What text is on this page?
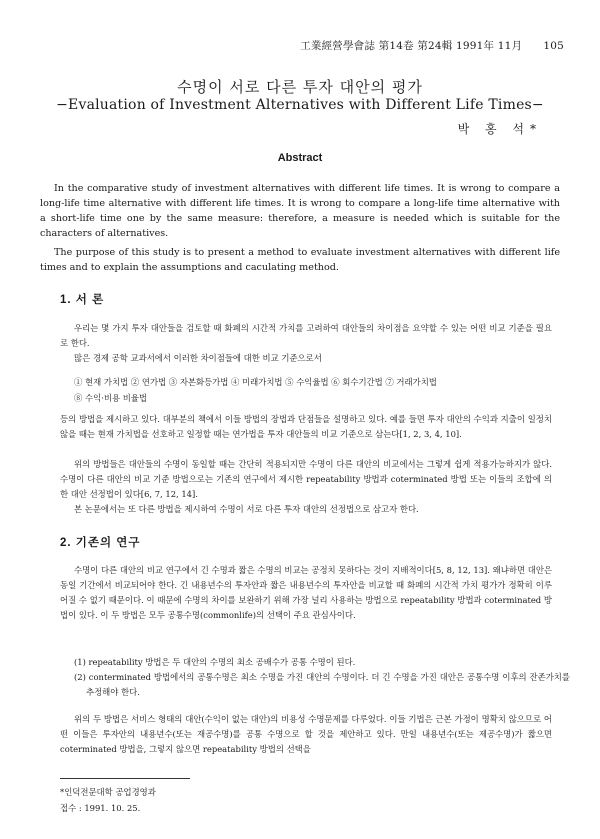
工業經營學會誌 第14卷 第24輯 1991年 11月 105
수명이 서로 다른 투자 대안의 평가
−Evaluation of Investment Alternatives with Different Life Times−
박 홍 석*
Abstract

In the comparative study of investment alternatives with different life times. It is wrong to compare a long-life time alternative with different life times. It is wrong to compare a long-life time alternative with a short-life time one by the same measure: therefore, a measure is needed which is suitable for the characters of alternatives.

The purpose of this study is to present a method to evaluate investment alternatives with different life times and to explain the assumptions and caculating method.

1. 서 론

우리는 몇 가지 투자 대안들을 검토할 때 화폐의 시간적 가치를 고려하여 대안들의 차이점을 요약할 수 있는 어떤 비교 기준을 필요로 한다.

많은 경제 공학 교과서에서 이러한 차이점들에 대한 비교 기준으로서

① 현재 가치법 ② 연가법 ③ 자본화등가법 ④ 미래가치법 ⑤ 수익율법 ⑥ 회수기간법 ⑦ 거래가치법

⑧ 수익·비용 비율법

등의 방법을 제시하고 있다. 대부분의 책에서 이들 방법의 장법과 단점들을 설명하고 있다. 예를 들면 투자 대안의 수익과 지출이 일정치 않을 때는 현재 가치법을 선호하고 일정할 때는 연가법을 투자 대안들의 비교 기준으로 삼는다[1, 2, 3, 4, 10].

위의 방법들은 대안들의 수명이 동일할 때는 간단히 적용되지만 수명이 다른 대안의 비교에서는 그렇게 쉽게 적용가능하지가 않다. 수명이 다른 대안의 비교 기준 방법으로는 기존의 연구에서 제시한 repeatability 방법과 coterminated 방법 또는 이들의 조합에 의한 대안 선정법이 있다[6, 7, 12, 14].

본 논문에서는 또 다른 방법을 제시하여 수명이 서로 다른 투자 대안의 선정법으로 삼고자 한다.

2. 기존의 연구

수명이 다른 대안의 비교 연구에서 긴 수명과 짧은 수명의 비교는 공정치 못하다는 것이 지배적이다[5, 8, 12, 13]. 왜냐하면 대안은 동일 기간에서 비교되어야 한다. 긴 내용년수의 투자안과 짧은 내용년수의 투자안을 비교할 때 화폐의 시간적 가치 평가가 정확히 이루어질 수 없기 때문이다. 이 때문에 수명의 차이를 보완하기 위해 가장 널리 사용하는 방법으로 repeatability 방법과 coterminated 방법이 있다. 이 두 방법은 모두 공통수명(commonlife)의 선택이 주요 관심사이다.

(1) repeatability 방법은 두 대안의 수명의 최소 공배수가 공통 수명이 된다.

(2) conterminated 방법에서의 공통수명은 최소 수명을 가진 대안의 수명이다. 더 긴 수명을 가진 대안은 공통수명 이후의 잔존가치를 추정해야 한다.

위의 두 방법은 서비스 형태의 대안(수익이 없는 대안)의 비용성 수명문제를 다루었다. 이들 기법은 근본 가정이 명확치 않으므로 어떤 이들은 투자안의 내용년수(또는 재공수명)를 공통 수명으로 할 것을 제안하고 있다. 만일 내용년수(또는 제공수명)가 짧으면 coterminated 방법을, 그렇지 않으면 repeatability 방법의 선택을

*인덕전문대학 공업경영과
접수 : 1991. 10. 25.
